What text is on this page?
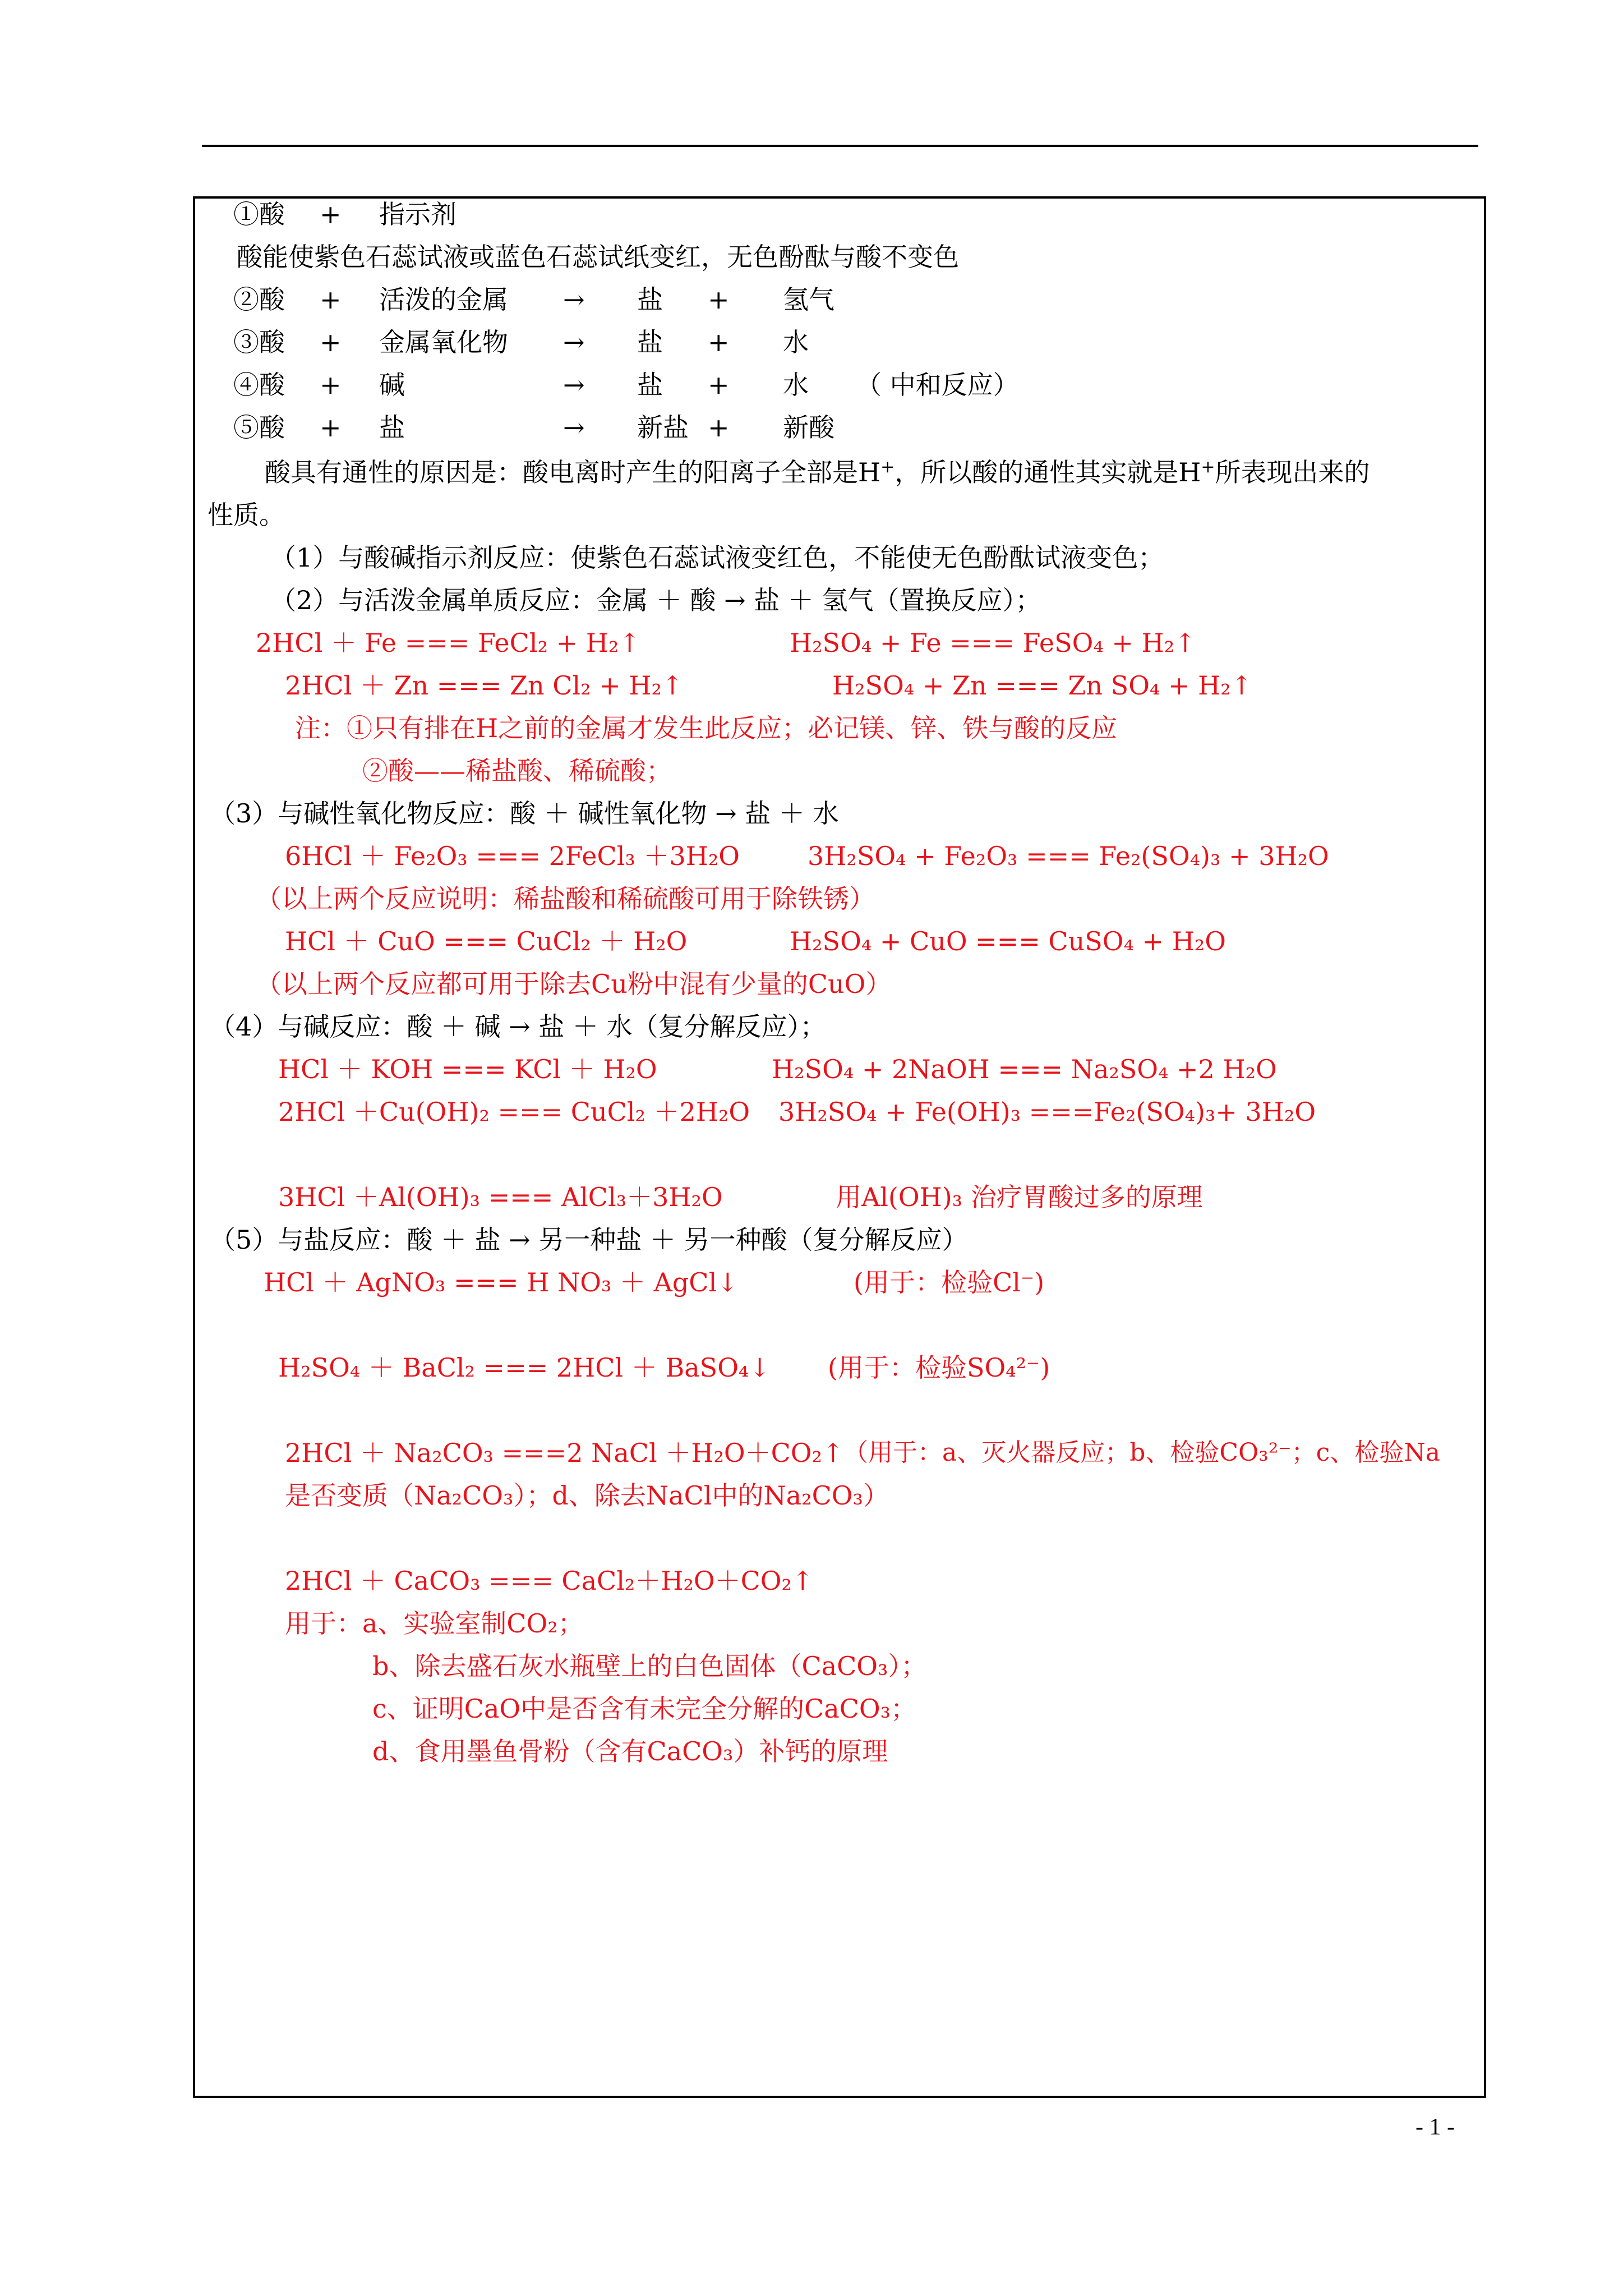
①酸 + 指示剂
酸能使紫色石蕊试液或蓝色石蕊试纸变红，无色酚酞与酸不变色
②酸 + 活泼的金属 → 盐 + 氢气
③酸 + 金属氧化物 → 盐 + 水
④酸 + 碱	→ 盐 + 水 （ 中和反应）
⑤酸 + 盐	→ 新盐 + 新酸
酸具有通性的原因是：酸电离时产生的阳离子全部是H+，所以酸的通性其实就是H+所表现出来的
性质。
（1）与酸碱指示剂反应：使紫色石蕊试液变红色，不能使无色酚酞试液变色；
（2）与活泼金属单质反应：金属 ＋ 酸 → 盐 ＋ 氢气（置换反应）；
2HCl ＋ Fe === FeCl₂ + H₂↑	H₂SO₄ + Fe === FeSO₄ + H₂↑
2HCl ＋ Zn === Zn Cl₂ + H₂↑	H₂SO₄ + Zn === Zn SO₄ + H₂↑
注：①只有排在H之前的金属才发生此反应；必记镁、锌、铁与酸的反应
②酸——稀盐酸、稀硫酸；
（3）与碱性氧化物反应：酸 ＋ 碱性氧化物 → 盐 ＋ 水
6HCl ＋ Fe₂O₃ === 2FeCl₃ ＋3H₂O	3H₂SO₄ + Fe₂O₃ === Fe₂(SO₄)₃ + 3H₂O
（以上两个反应说明：稀盐酸和稀硫酸可用于除铁锈）
HCl ＋ CuO === CuCl₂ ＋ H₂O	H₂SO₄ + CuO === CuSO₄ + H₂O
（以上两个反应都可用于除去Cu粉中混有少量的CuO）
（4）与碱反应：酸 ＋ 碱 → 盐 ＋ 水（复分解反应）；
HCl ＋ KOH === KCl ＋ H₂O	H₂SO₄ + 2NaOH === Na₂SO₄ +2 H₂O
2HCl ＋Cu(OH)₂ === CuCl₂ ＋2H₂O 3H₂SO₄ + Fe(OH)₃ ===Fe₂(SO₄)₃+ 3H₂O
3HCl ＋Al(OH)₃ === AlCl₃＋3H₂O	用Al(OH)₃ 治疗胃酸过多的原理
（5）与盐反应：酸 ＋ 盐 → 另一种盐 ＋ 另一种酸（复分解反应）
HCl ＋ AgNO₃ === H NO₃ ＋ AgCl↓	(用于：检验Cl⁻)
H₂SO₄ ＋ BaCl₂ === 2HCl ＋ BaSO₄↓ (用于：检验SO₄²⁻)
2HCl ＋ Na₂CO₃ ===2 NaCl ＋H₂O＋CO₂↑ （用于：a、灭火器反应；b、检验CO₃²⁻；c、检验Na
是否变质（Na₂CO₃）；d、除去NaCl中的Na₂CO₃）
2HCl ＋ CaCO₃ === CaCl₂＋H₂O＋CO₂↑
用于：a、实验室制CO₂；
b、除去盛石灰水瓶壁上的白色固体（CaCO₃）；
c、证明CaO中是否含有未完全分解的CaCO₃；
d、食用墨鱼骨粉（含有CaCO₃）补钙的原理
- 1 -
